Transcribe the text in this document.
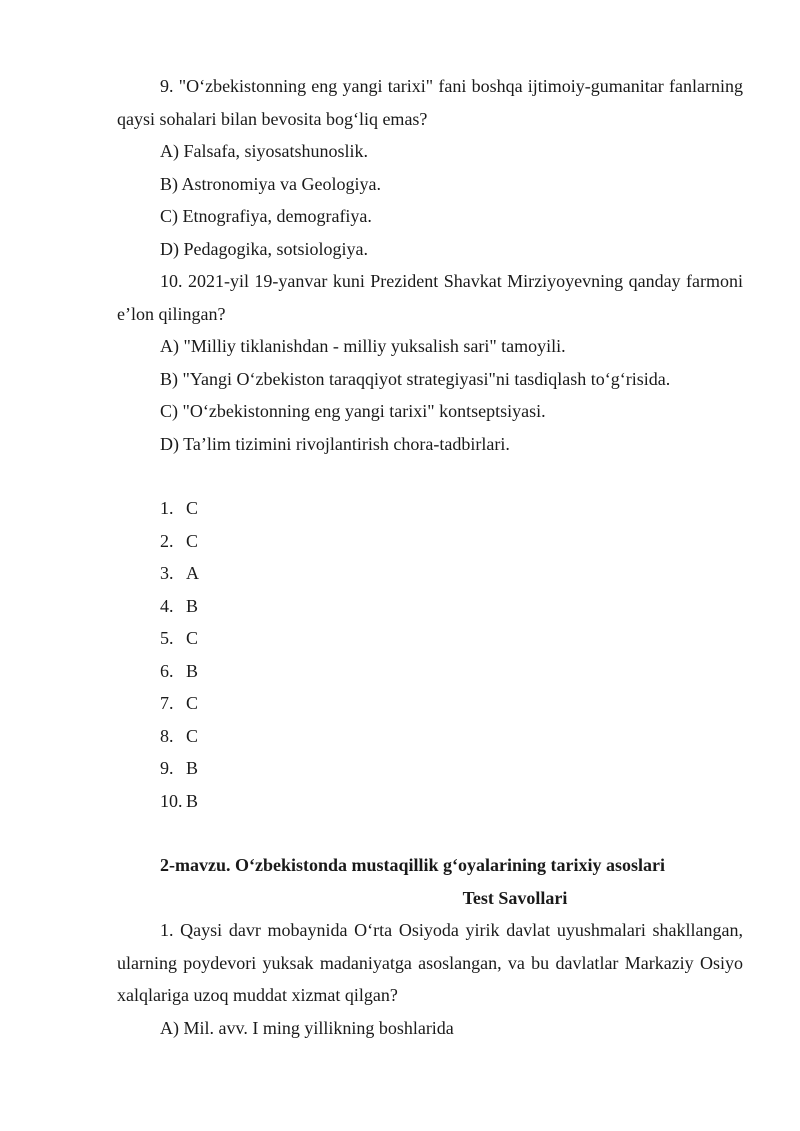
9. "O‘zbekistonning eng yangi tarixi" fani boshqa ijtimoiy-gumanitar fanlarning qaysi sohalari bilan bevosita bog‘liq emas?

A) Falsafa, siyosatshunoslik.

B) Astronomiya va Geologiya.

C) Etnografiya, demografiya.

D) Pedagogika, sotsiologiya.

10. 2021-yil 19-yanvar kuni Prezident Shavkat Mirziyoyevning qanday farmoni e’lon qilingan?

A) "Milliy tiklanishdan - milliy yuksalish sari" tamoyili.

B) "Yangi O‘zbekiston taraqqiyot strategiyasi"ni tasdiqlash to‘g‘risida.

C) "O‘zbekistonning eng yangi tarixi" kontseptsiyasi.

D) Ta’lim tizimini rivojlantirish chora-tadbirlari.

1. C
2. C
3. A
4. B
5. C
6. B
7. C
8. C
9. B
10. B

2-mavzu. O‘zbekistonda mustaqillik g‘oyalarining tarixiy asoslari

Test Savollari

1. Qaysi davr mobaynida O‘rta Osiyoda yirik davlat uyushmalari shakllangan, ularning poydevori yuksak madaniyatga asoslangan, va bu davlatlar Markaziy Osiyo xalqlariga uzoq muddat xizmat qilgan?

A) Mil. avv. I ming yillikning boshlarida
